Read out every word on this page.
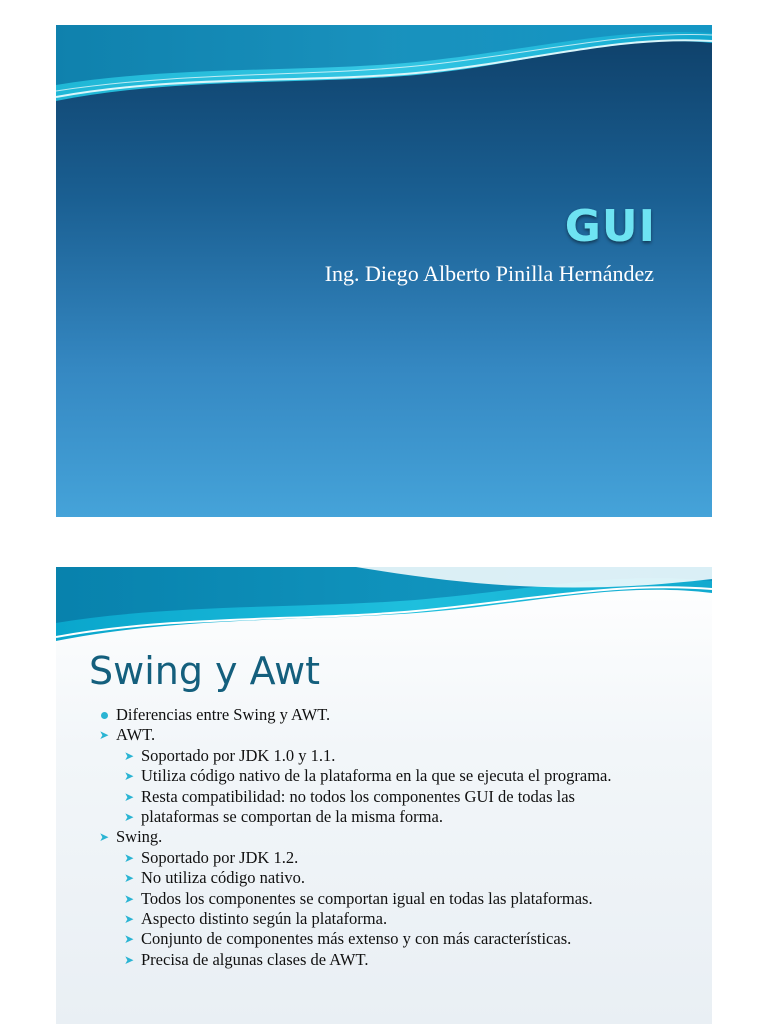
GUI
Ing. Diego Alberto Pinilla Hernández
Swing y Awt
Diferencias entre Swing y AWT.
➤ AWT.
➤ Soportado por JDK 1.0 y 1.1.
➤ Utiliza código nativo de la plataforma en la que se ejecuta el programa.
➤ Resta compatibilidad: no todos los componentes GUI de todas las
➤ plataformas se comportan de la misma forma.
➤ Swing.
➤ Soportado por JDK 1.2.
➤ No utiliza código nativo.
➤ Todos los componentes se comportan igual en todas las plataformas.
➤ Aspecto distinto según la plataforma.
➤ Conjunto de componentes más extenso y con más características.
➤ Precisa de algunas clases de AWT.
